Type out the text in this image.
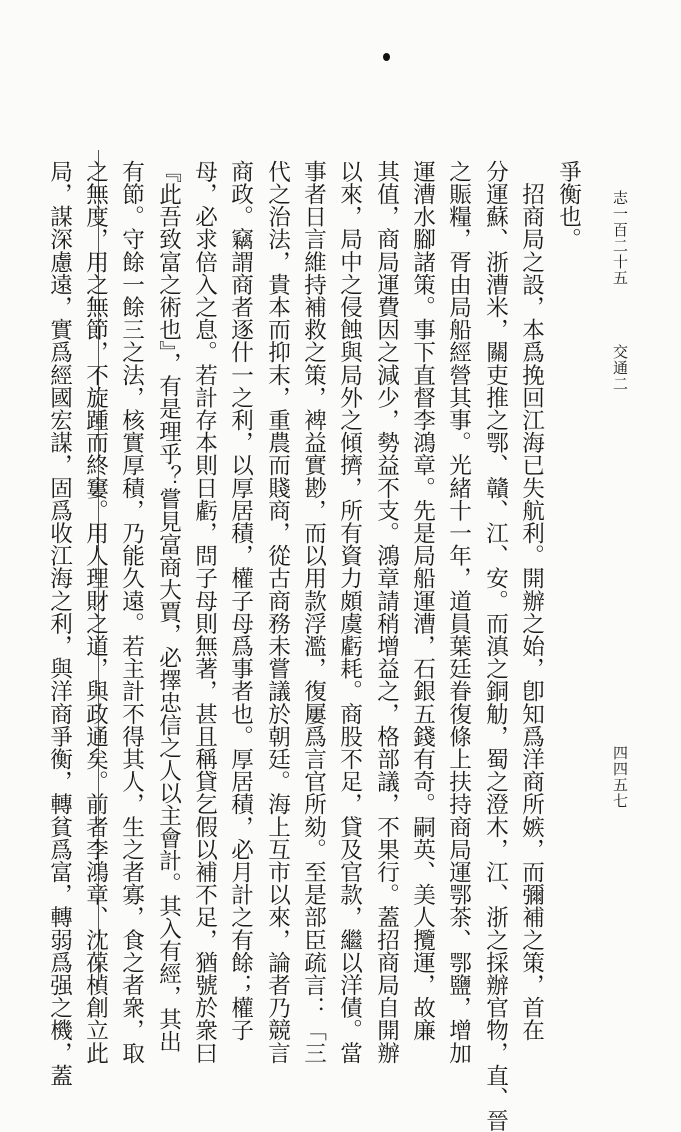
爭衡也。
　招商局之設，本爲挽回江海已失航利。開辦之始，卽知爲洋商所嫉，而彌補之策，首在
分運蘇、浙漕米，關吏推之鄂、贛、江、安。而滇之銅觔，蜀之澄木，江、浙之採辦官物，直、晉
之賑糧，胥由局船經營其事。光緒十一年，道員葉廷眷復條上扶持商局運鄂茶、鄂鹽，增加
運漕水腳諸策。事下直督李鴻章。先是局船運漕，石銀五錢有奇。嗣英、美人攬運，故廉
其值，商局運費因之減少，勢益不支。鴻章請稍增益之，格部議，不果行。蓋招商局自開辦
以來，局中之侵蝕與局外之傾擠，所有資力頗虞虧耗。商股不足，貸及官款，繼以洋債。當
事者日言維持補救之策，裨益實尠，而以用款浮濫，復屢爲言官所劾。至是部臣疏言：「三
代之治法，貴本而抑末，重農而賤商，從古商務未嘗議於朝廷。海上互市以來，論者乃競言
商政。竊謂商者逐什一之利，以厚居積，權子母爲事者也。厚居積，必月計之有餘；權子
母，必求倍入之息。若計存本則日虧，問子母則無著，甚且稱貸乞假以補不足，猶號於衆曰
『此吾致富之術也』，有是理乎？嘗見富商大賈，必擇忠信之人以主會計。其入有經，其出
有節。守餘一餘三之法，核實厚積，乃能久遠。若主計不得其人，生之者寡，食之者衆，取
之無度，用之無節，不旋踵而終窶。用人理財之道，與政通矣。前者李鴻章、沈葆楨創立此
局，謀深慮遠，實爲經國宏謀，固爲收江海之利，與洋商爭衡，轉貧爲富，轉弱爲强之機，蓋	志一百二十五
交通二
四四五七
